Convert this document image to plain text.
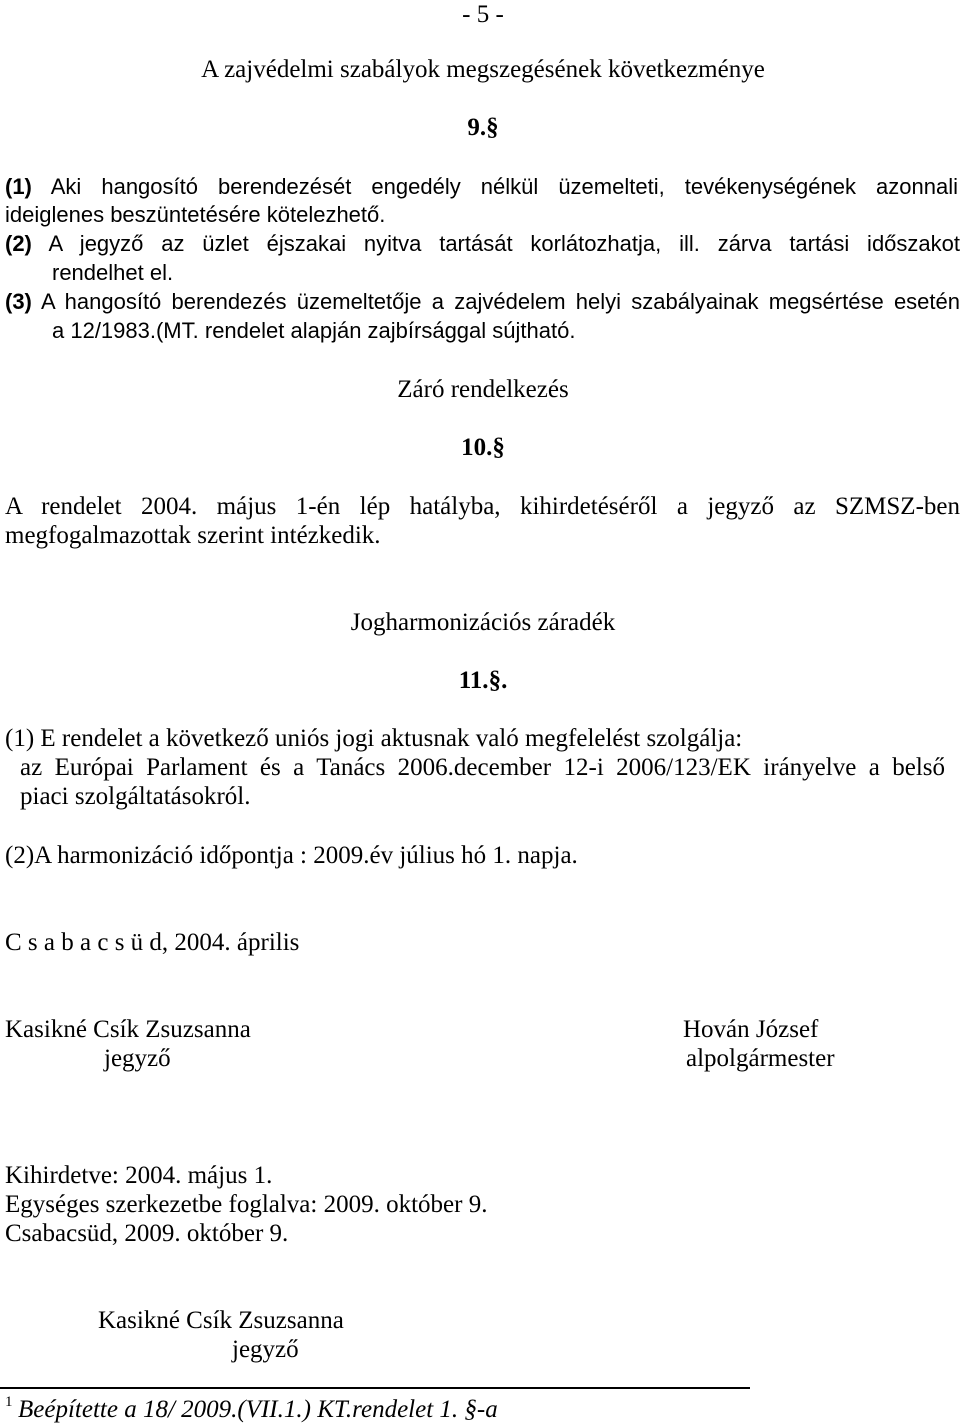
- 5 -
A zajvédelmi szabályok megszegésének következménye
9.§
(1) Aki hangosító berendezését engedély nélkül üzemelteti, tevékenységének azonnali
ideiglenes beszüntetésére kötelezhető.
(2) A jegyző az üzlet éjszakai nyitva tartását korlátozhatja, ill. zárva tartási időszakot
rendelhet el.
(3) A hangosító berendezés üzemeltetője a zajvédelem helyi szabályainak megsértése esetén
a 12/1983.(MT. rendelet alapján zajbírsággal sújtható.
Záró rendelkezés
10.§
A rendelet 2004. május 1-én lép hatályba, kihirdetéséről a jegyző az SZMSZ-ben
megfogalmazottak szerint intézkedik.
Jogharmonizációs záradék
11.§.
(1) E rendelet a következő uniós jogi aktusnak való megfelelést szolgálja:
az Európai Parlament és a Tanács 2006.december 12-i 2006/123/EK irányelve a belső
piaci szolgáltatásokról.
(2)A harmonizáció időpontja : 2009.év július hó 1. napja.
C s a b a c s ü d, 2004. április
Kasikné Csík Zsuzsanna
jegyző
Hován József
alpolgármester
Kihirdetve: 2004. május 1.
Egységes szerkezetbe foglalva: 2009. október 9.
Csabacsüd, 2009. október 9.
Kasikné Csík Zsuzsanna
jegyző
1 Beépítette a 18/ 2009.(VII.1.) KT.rendelet 1. §-a
